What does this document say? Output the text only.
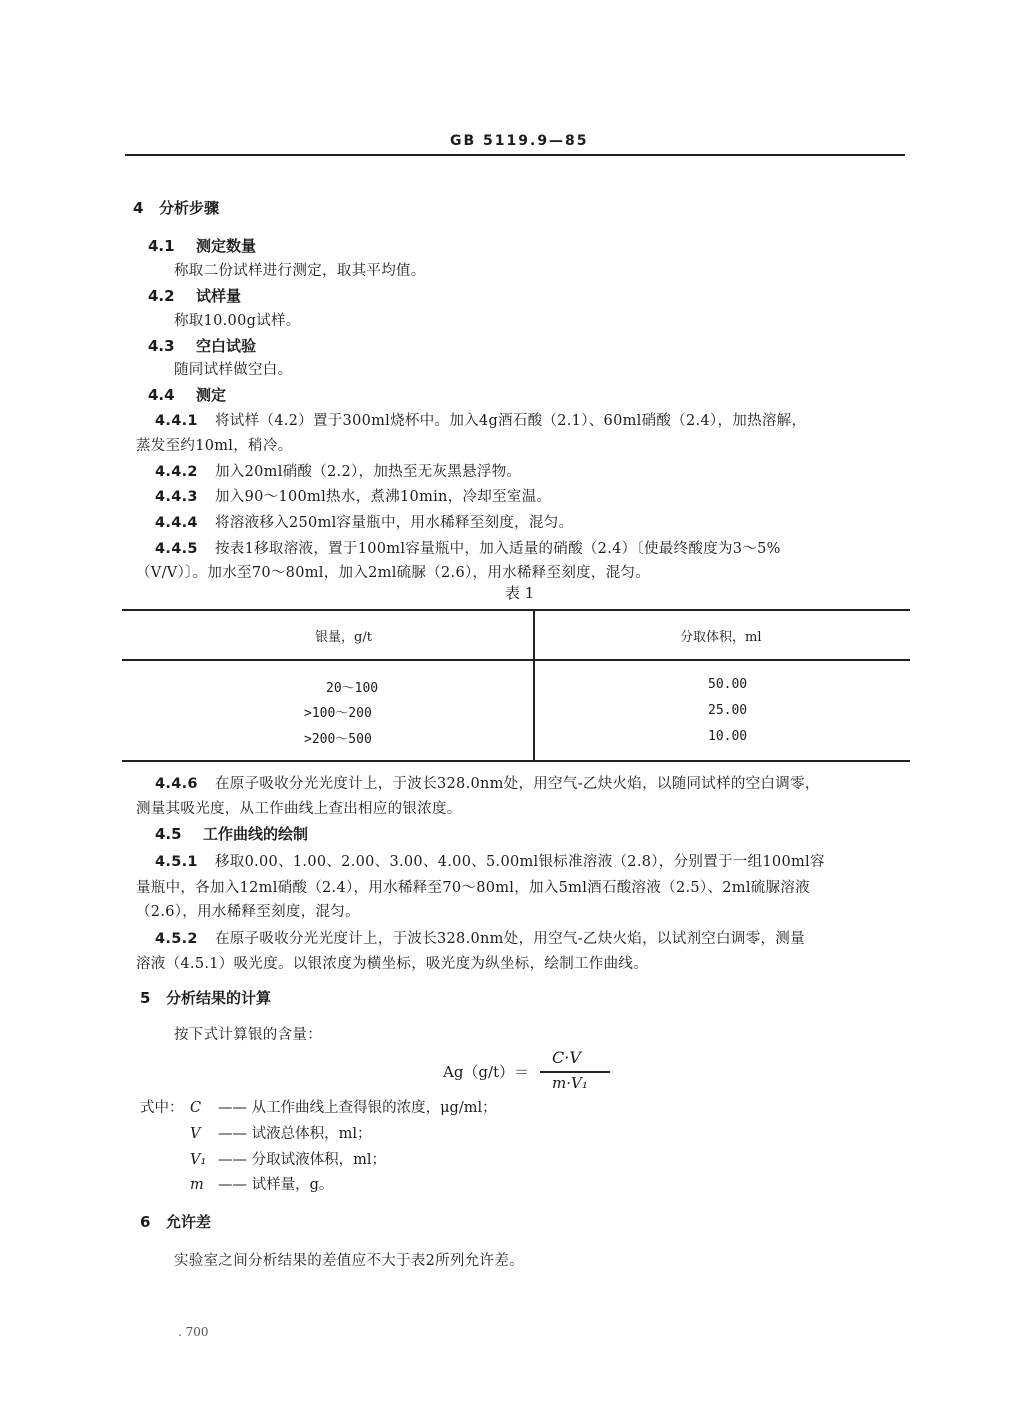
GB 5119.9—85
4 分析步骤
4.1 测定数量
称取二份试样进行测定，取其平均值。
4.2 试样量
称取10.00g试样。
4.3 空白试验
随同试样做空白。
4.4 测定
4.4.1 将试样（4.2）置于300ml烧杯中。加入4g酒石酸（2.1）、60ml硝酸（2.4），加热溶解，
蒸发至约10ml，稍冷。
4.4.2 加入20ml硝酸（2.2），加热至无灰黑悬浮物。
4.4.3 加入90～100ml热水，煮沸10min，冷却至室温。
4.4.4 将溶液移入250ml容量瓶中，用水稀释至刻度，混匀。
4.4.5 按表1移取溶液，置于100ml容量瓶中，加入适量的硝酸（2.4）〔使最终酸度为3～5%
（V/V）〕。加水至70～80ml，加入2ml硫脲（2.6），用水稀释至刻度，混匀。
表 1
银量，g/t	分取体积，ml
20～100	50.00
>100～200	25.00
>200～500	10.00
4.4.6 在原子吸收分光光度计上，于波长328.0nm处，用空气-乙炔火焰，以随同试样的空白调零，
测量其吸光度，从工作曲线上查出相应的银浓度。
4.5 工作曲线的绘制
4.5.1 移取0.00、1.00、2.00、3.00、4.00、5.00ml银标准溶液（2.8），分别置于一组100ml容
量瓶中，各加入12ml硝酸（2.4），用水稀释至70～80ml，加入5ml酒石酸溶液（2.5）、2ml硫脲溶液
（2.6），用水稀释至刻度，混匀。
4.5.2 在原子吸收分光光度计上，于波长328.0nm处，用空气-乙炔火焰，以试剂空白调零，测量
溶液（4.5.1）吸光度。以银浓度为横坐标，吸光度为纵坐标，绘制工作曲线。
5 分析结果的计算
按下式计算银的含量：
Ag（g/t）＝
C·V
m·V₁
式中： C —— 从工作曲线上查得银的浓度，μg/ml；
V —— 试液总体积，ml；
V₁ —— 分取试液体积，ml；
m —— 试样量，g。
6 允许差
实验室之间分析结果的差值应不大于表2所列允许差。
. 700
